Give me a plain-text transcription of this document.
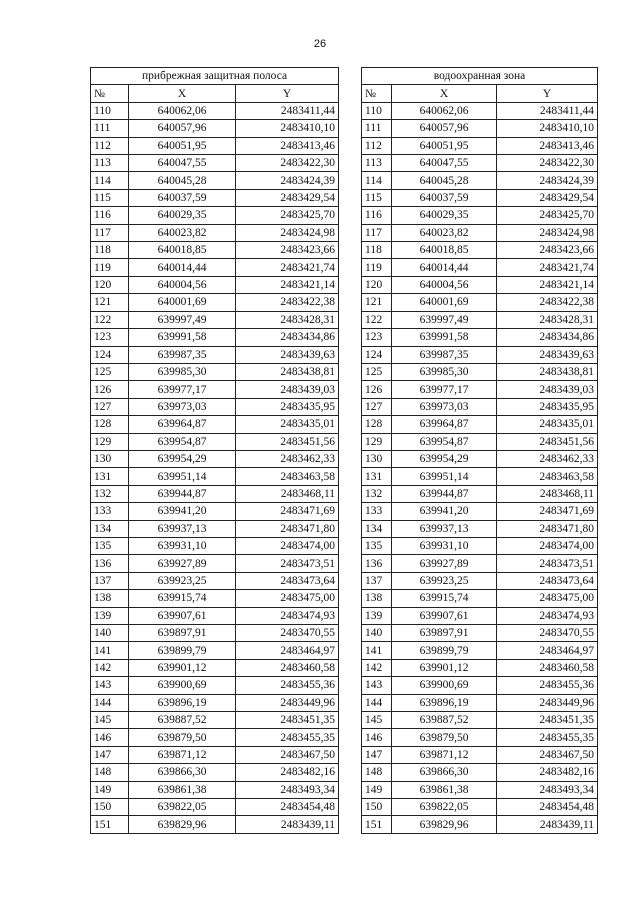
26
прибрежная защитная полоса				водоохранная зона		
№	X	Y		№	X	Y
110	640062,06	2483411,44		110	640062,06	2483411,44
111	640057,96	2483410,10		111	640057,96	2483410,10
112	640051,95	2483413,46		112	640051,95	2483413,46
113	640047,55	2483422,30		113	640047,55	2483422,30
114	640045,28	2483424,39		114	640045,28	2483424,39
115	640037,59	2483429,54		115	640037,59	2483429,54
116	640029,35	2483425,70		116	640029,35	2483425,70
117	640023,82	2483424,98		117	640023,82	2483424,98
118	640018,85	2483423,66		118	640018,85	2483423,66
119	640014,44	2483421,74		119	640014,44	2483421,74
120	640004,56	2483421,14		120	640004,56	2483421,14
121	640001,69	2483422,38		121	640001,69	2483422,38
122	639997,49	2483428,31		122	639997,49	2483428,31
123	639991,58	2483434,86		123	639991,58	2483434,86
124	639987,35	2483439,63		124	639987,35	2483439,63
125	639985,30	2483438,81		125	639985,30	2483438,81
126	639977,17	2483439,03		126	639977,17	2483439,03
127	639973,03	2483435,95		127	639973,03	2483435,95
128	639964,87	2483435,01		128	639964,87	2483435,01
129	639954,87	2483451,56		129	639954,87	2483451,56
130	639954,29	2483462,33		130	639954,29	2483462,33
131	639951,14	2483463,58		131	639951,14	2483463,58
132	639944,87	2483468,11		132	639944,87	2483468,11
133	639941,20	2483471,69		133	639941,20	2483471,69
134	639937,13	2483471,80		134	639937,13	2483471,80
135	639931,10	2483474,00		135	639931,10	2483474,00
136	639927,89	2483473,51		136	639927,89	2483473,51
137	639923,25	2483473,64		137	639923,25	2483473,64
138	639915,74	2483475,00		138	639915,74	2483475,00
139	639907,61	2483474,93		139	639907,61	2483474,93
140	639897,91	2483470,55		140	639897,91	2483470,55
141	639899,79	2483464,97		141	639899,79	2483464,97
142	639901,12	2483460,58		142	639901,12	2483460,58
143	639900,69	2483455,36		143	639900,69	2483455,36
144	639896,19	2483449,96		144	639896,19	2483449,96
145	639887,52	2483451,35		145	639887,52	2483451,35
146	639879,50	2483455,35		146	639879,50	2483455,35
147	639871,12	2483467,50		147	639871,12	2483467,50
148	639866,30	2483482,16		148	639866,30	2483482,16
149	639861,38	2483493,34		149	639861,38	2483493,34
150	639822,05	2483454,48		150	639822,05	2483454,48
151	639829,96	2483439,11		151	639829,96	2483439,11
